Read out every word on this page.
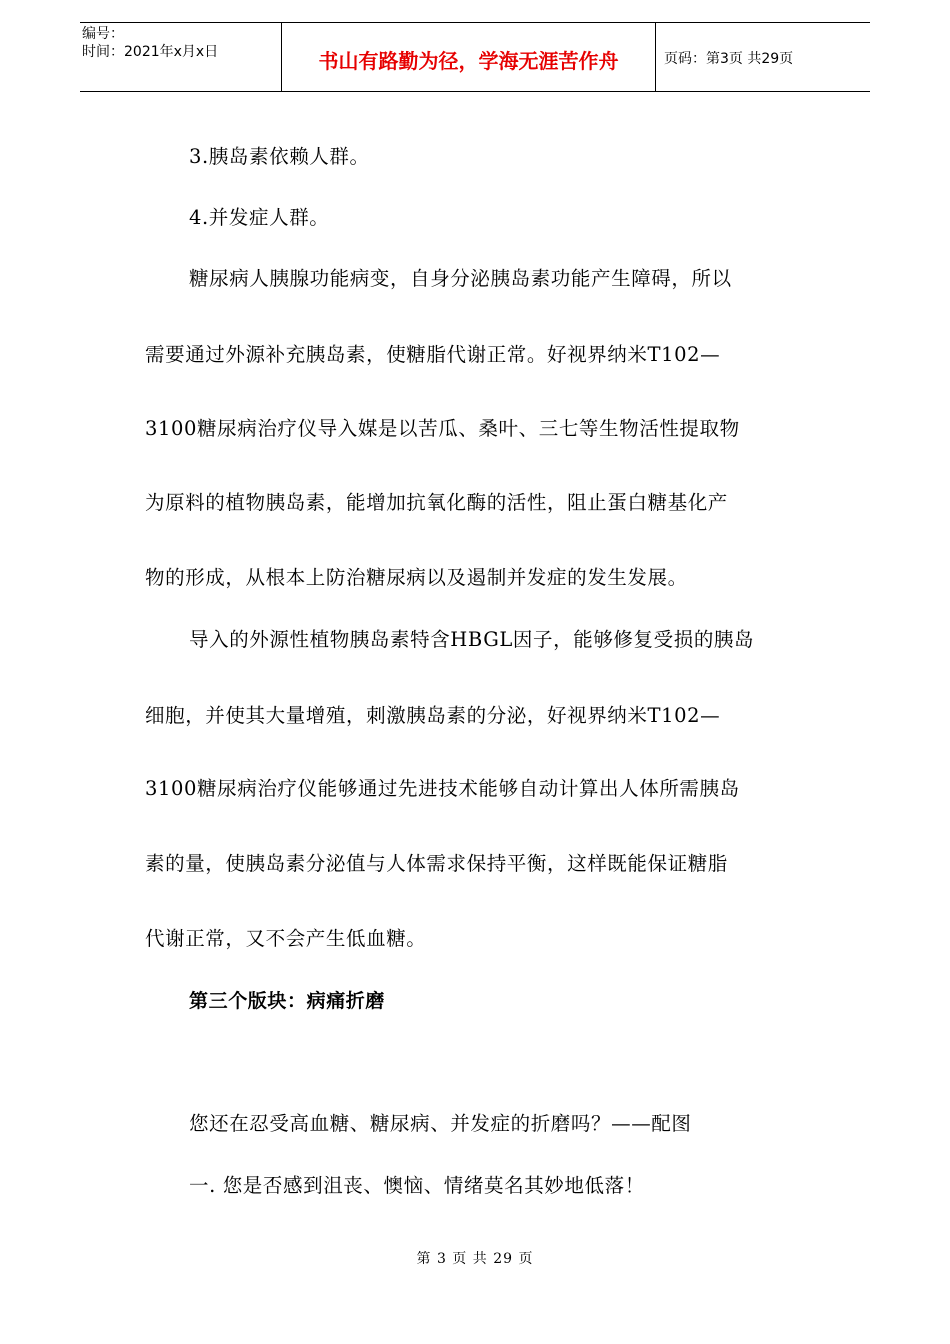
编号：
时间：2021年x月x日	书山有路勤为径，学海无涯苦作舟	页码：第3页 共29页
3.胰岛素依赖人群。
4.并发症人群。
糖尿病人胰腺功能病变，自身分泌胰岛素功能产生障碍，所以
需要通过外源补充胰岛素，使糖脂代谢正常。好视界纳米T102—
3100糖尿病治疗仪导入媒是以苦瓜、桑叶、三七等生物活性提取物
为原料的植物胰岛素，能增加抗氧化酶的活性，阻止蛋白糖基化产
物的形成，从根本上防治糖尿病以及遏制并发症的发生发展。
导入的外源性植物胰岛素特含HBGL因子，能够修复受损的胰岛
细胞，并使其大量增殖，刺激胰岛素的分泌，好视界纳米T102—
3100糖尿病治疗仪能够通过先进技术能够自动计算出人体所需胰岛
素的量，使胰岛素分泌值与人体需求保持平衡，这样既能保证糖脂
代谢正常，又不会产生低血糖。
第三个版块：病痛折磨
您还在忍受高血糖、糖尿病、并发症的折磨吗？——配图
一. 您是否感到沮丧、懊恼、情绪莫名其妙地低落！
第 3 页 共 29 页
